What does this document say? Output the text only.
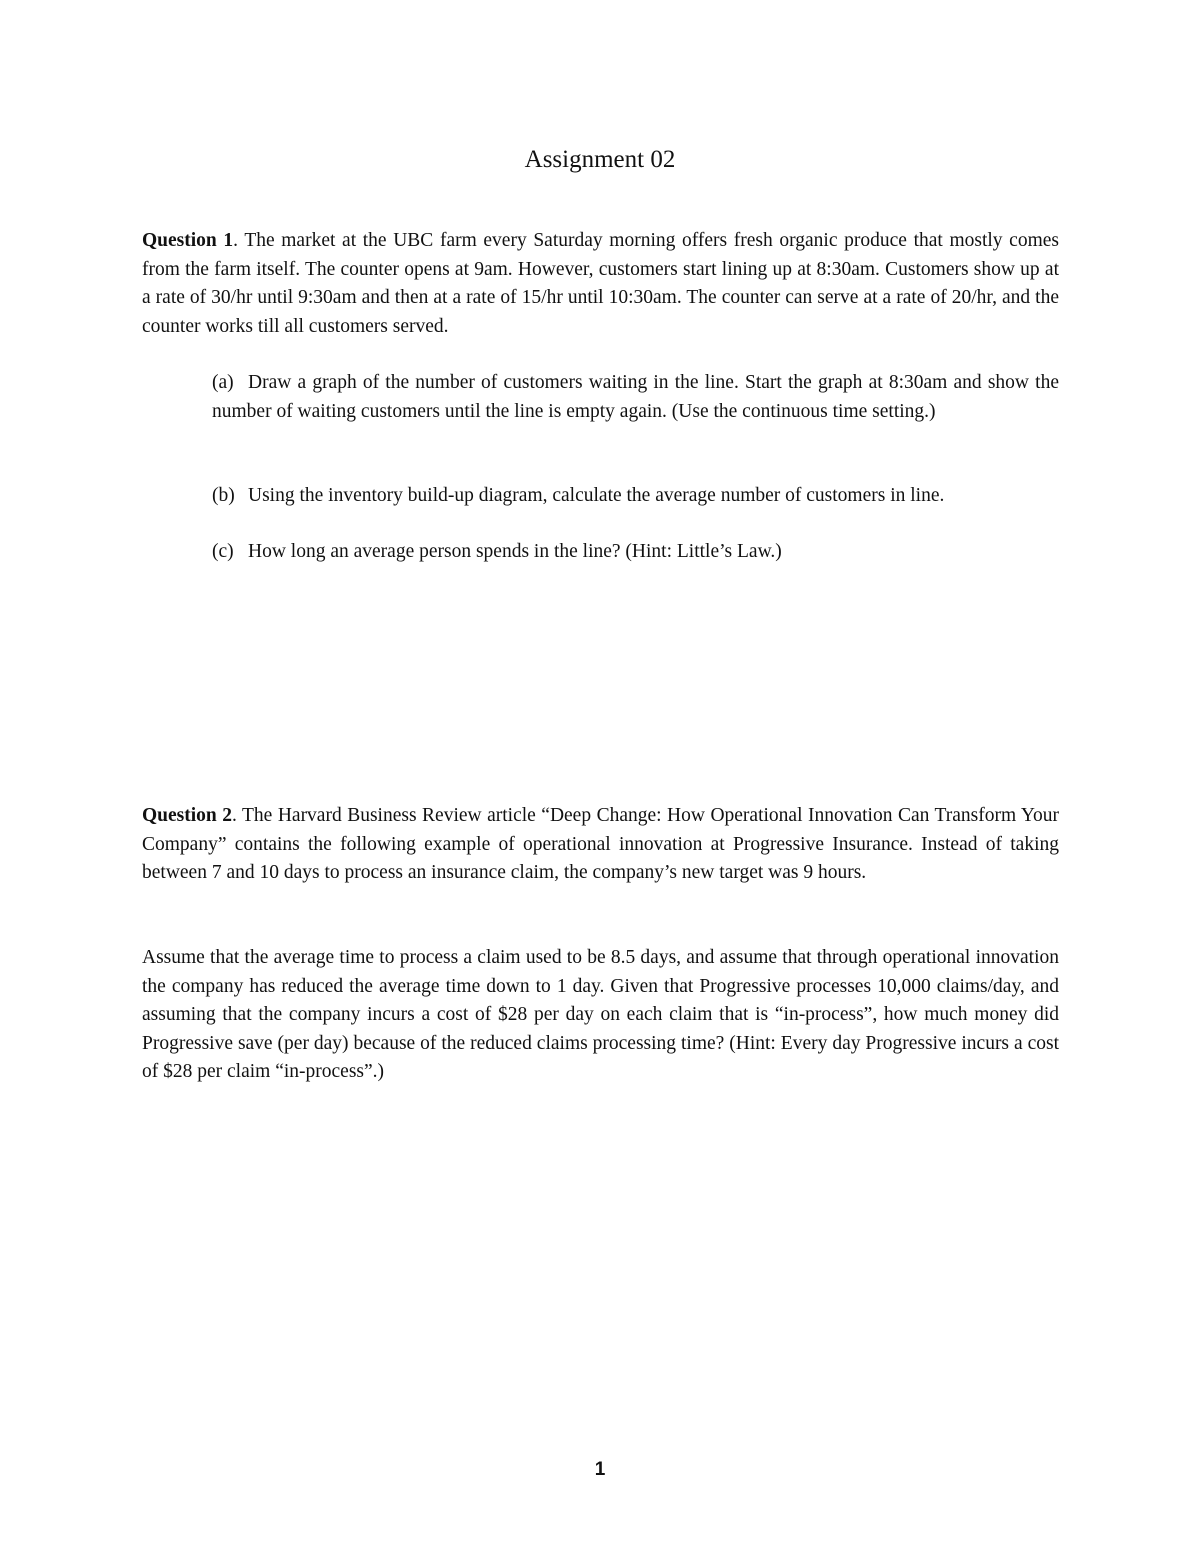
Assignment 02

Question 1. The market at the UBC farm every Saturday morning offers fresh organic produce that mostly comes from the farm itself. The counter opens at 9am. However, customers start lining up at 8:30am. Customers show up at a rate of 30/hr until 9:30am and then at a rate of 15/hr until 10:30am. The counter can serve at a rate of 20/hr, and the counter works till all customers served.

(a) Draw a graph of the number of customers waiting in the line. Start the graph at 8:30am and show the number of waiting customers until the line is empty again. (Use the continuous time setting.)
(b) Using the inventory build-up diagram, calculate the average number of customers in line.
(c) How long an average person spends in the line? (Hint: Little’s Law.)

Question 2. The Harvard Business Review article “Deep Change: How Operational Innovation Can Transform Your Company” contains the following example of operational innovation at Progressive Insurance. Instead of taking between 7 and 10 days to process an insurance claim, the company’s new target was 9 hours.

Assume that the average time to process a claim used to be 8.5 days, and assume that through operational innovation the company has reduced the average time down to 1 day. Given that Progressive processes 10,000 claims/day, and assuming that the company incurs a cost of $28 per day on each claim that is “in-process”, how much money did Progressive save (per day) because of the reduced claims processing time? (Hint: Every day Progressive incurs a cost of $28 per claim “in-process”.)

1
